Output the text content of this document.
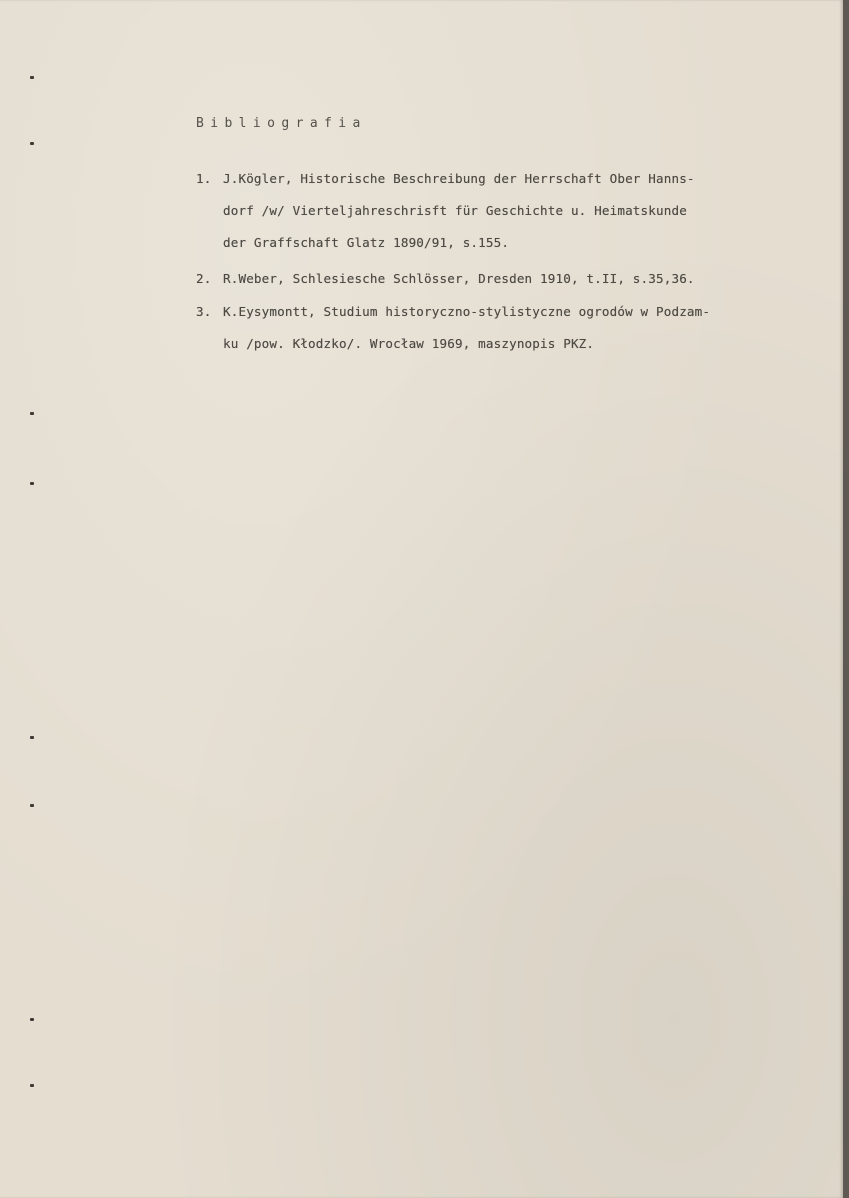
Bibliografia
1. J.Kögler, Historische Beschreibung der Herrschaft Ober Hanns-
dorf /w/ Vierteljahreschrisft für Geschichte u. Heimatskunde
der Graffschaft Glatz 1890/91, s.155.
2. R.Weber, Schlesiesche Schlösser, Dresden 1910, t.II, s.35,36.
3. K.Eysymontt, Studium historyczno-stylistyczne ogrodów w Podzam-
ku /pow. Kłodzko/. Wrocław 1969, maszynopis PKZ.
